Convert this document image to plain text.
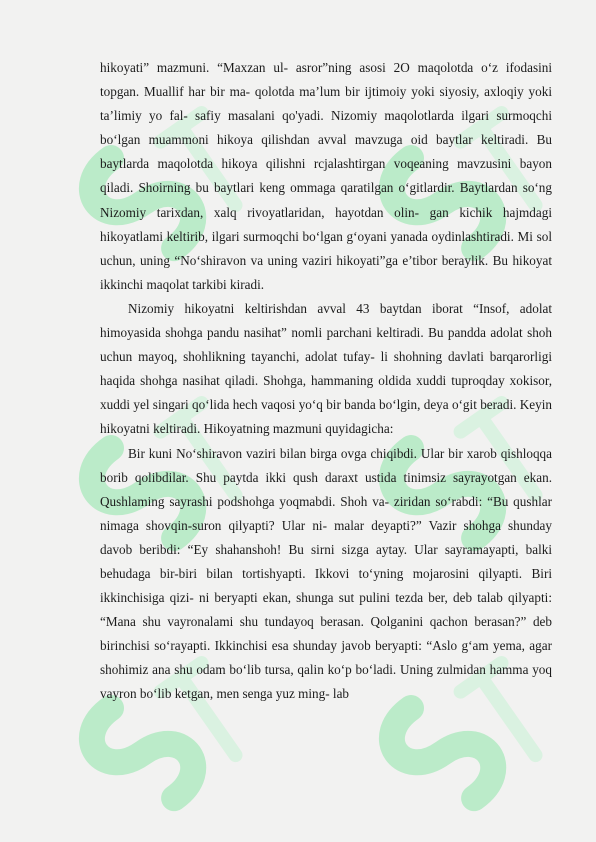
hikoyati” mazmuni. “Maxzan ul- asror”ning asosi 2O maqolotda o‘z ifodasini topgan. Muallif har bir ma- qolotda ma’lum bir ijtimoiy yoki siyosiy, axloqiy yoki ta’limiy yo fal- safiy masalani qo'yadi. Nizomiy maqolotlarda ilgari surmoqchi bo‘lgan muammoni hikoya qilishdan avval mavzuga oid baytlar keltiradi. Bu baytlarda maqolotda hikoya qilishni rcjalashtirgan voqeaning mavzusini bayon qiladi. Shoirning bu baytlari keng ommaga qaratilgan o‘gitlardir. Baytlardan so‘ng Nizomiy tarixdan, xalq rivoyatlaridan, hayotdan olin- gan kichik hajmdagi hikoyatlami keltirib, ilgari surmoqchi bo‘lgan g‘oyani yanada oydinlashtiradi. Mi sol uchun, uning “No‘shiravon va uning vaziri hikoyati”ga e’tibor beraylik. Bu hikoyat ikkinchi maqolat tarkibi kiradi.

Nizomiy hikoyatni keltirishdan avval 43 baytdan iborat “Insof, adolat himoyasida shohga pandu nasihat” nomli parchani keltiradi. Bu pandda adolat shoh uchun mayoq, shohlikning tayanchi, adolat tufay- li shohning davlati barqarorligi haqida shohga nasihat qiladi. Shohga, hammaning oldida xuddi tuproqday xokisor, xuddi yel singari qo‘lida hech vaqosi yo‘q bir banda bo‘lgin, deya o‘git beradi. Keyin hikoyatni keltiradi. Hikoyatning mazmuni quyidagicha:

Bir kuni No‘shiravon vaziri bilan birga ovga chiqibdi. Ular bir xarob qishloqqa borib qolibdilar. Shu paytda ikki qush daraxt ustida tinimsiz sayrayotgan ekan. Qushlaming sayrashi podshohga yoqmabdi. Shoh va- ziridan so‘rabdi: “Bu qushlar nimaga shovqin-suron qilyapti? Ular ni- malar deyapti?” Vazir shohga shunday davob beribdi: “Ey shahanshoh! Bu sirni sizga aytay. Ular sayramayapti, balki behudaga bir-biri bilan tortishyapti. Ikkovi to‘yning mojarosini qilyapti. Biri ikkinchisiga qizi- ni beryapti ekan, shunga sut pulini tezda ber, deb talab qilyapti: “Mana shu vayronalami shu tundayoq berasan. Qolganini qachon berasan?” deb birinchisi so‘rayapti. Ikkinchisi esa shunday javob beryapti: “Aslo g‘am yema, agar shohimiz ana shu odam bo‘lib tursa, qalin ko‘p bo‘ladi. Uning zulmidan hamma yoq vayron bo‘lib ketgan, men senga yuz ming- lab
